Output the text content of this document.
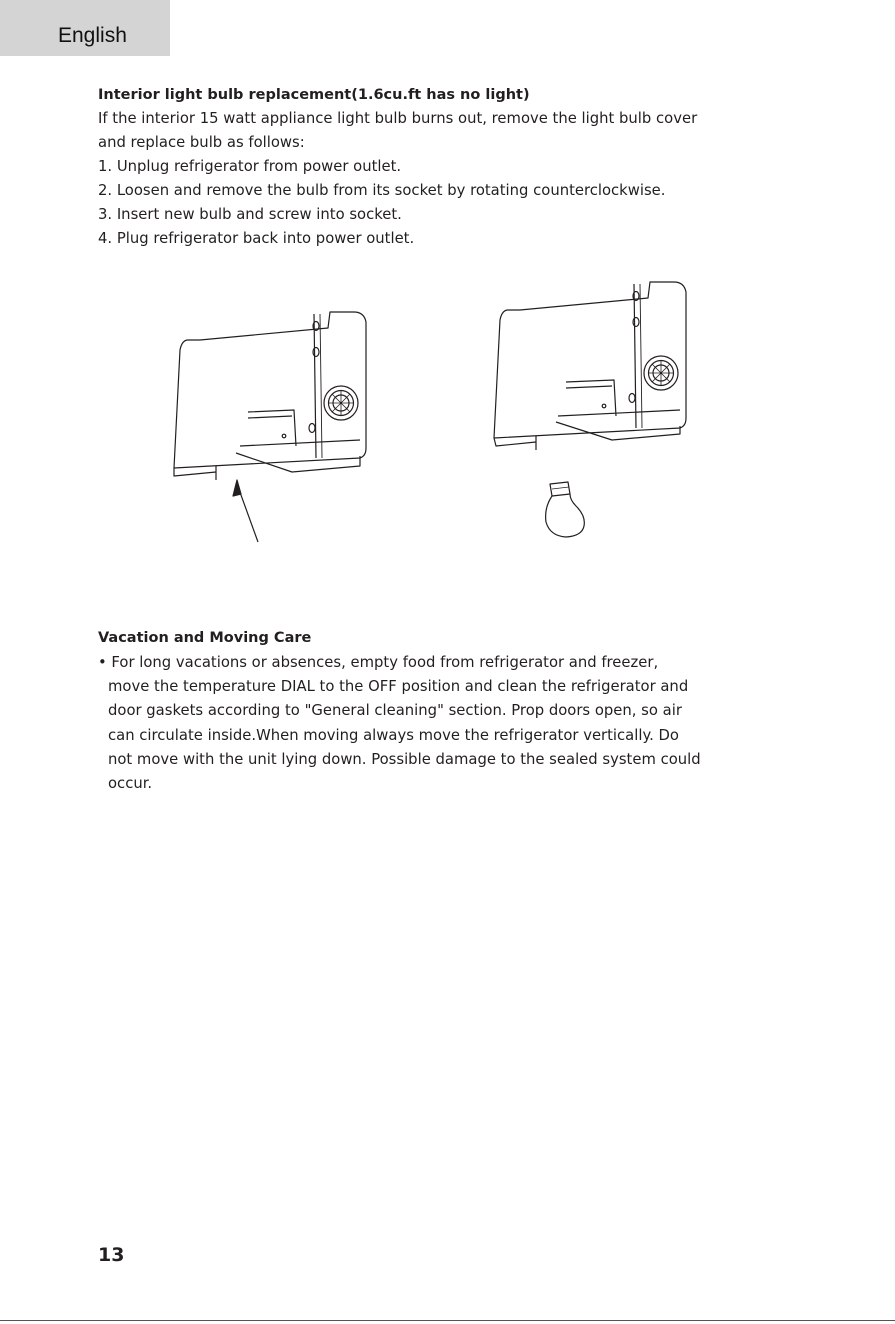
English

Interior light bulb replacement(1.6cu.ft has no light)

If the interior 15 watt appliance light bulb burns out, remove the light bulb cover

and replace bulb as follows:

1. Unplug refrigerator from power outlet.

2. Loosen and remove the bulb from its socket by rotating counterclockwise.

3. Insert new bulb and screw into socket.

4. Plug refrigerator back into power outlet.

Vacation and Moving Care

• For long vacations or absences, empty food from refrigerator and freezer,
move the temperature DIAL to the OFF position and clean the refrigerator and
door gaskets according to "General cleaning" section. Prop doors open, so air
can circulate inside.When moving always move the refrigerator vertically. Do
not move with the unit lying down. Possible damage to the sealed system could
occur.
13
